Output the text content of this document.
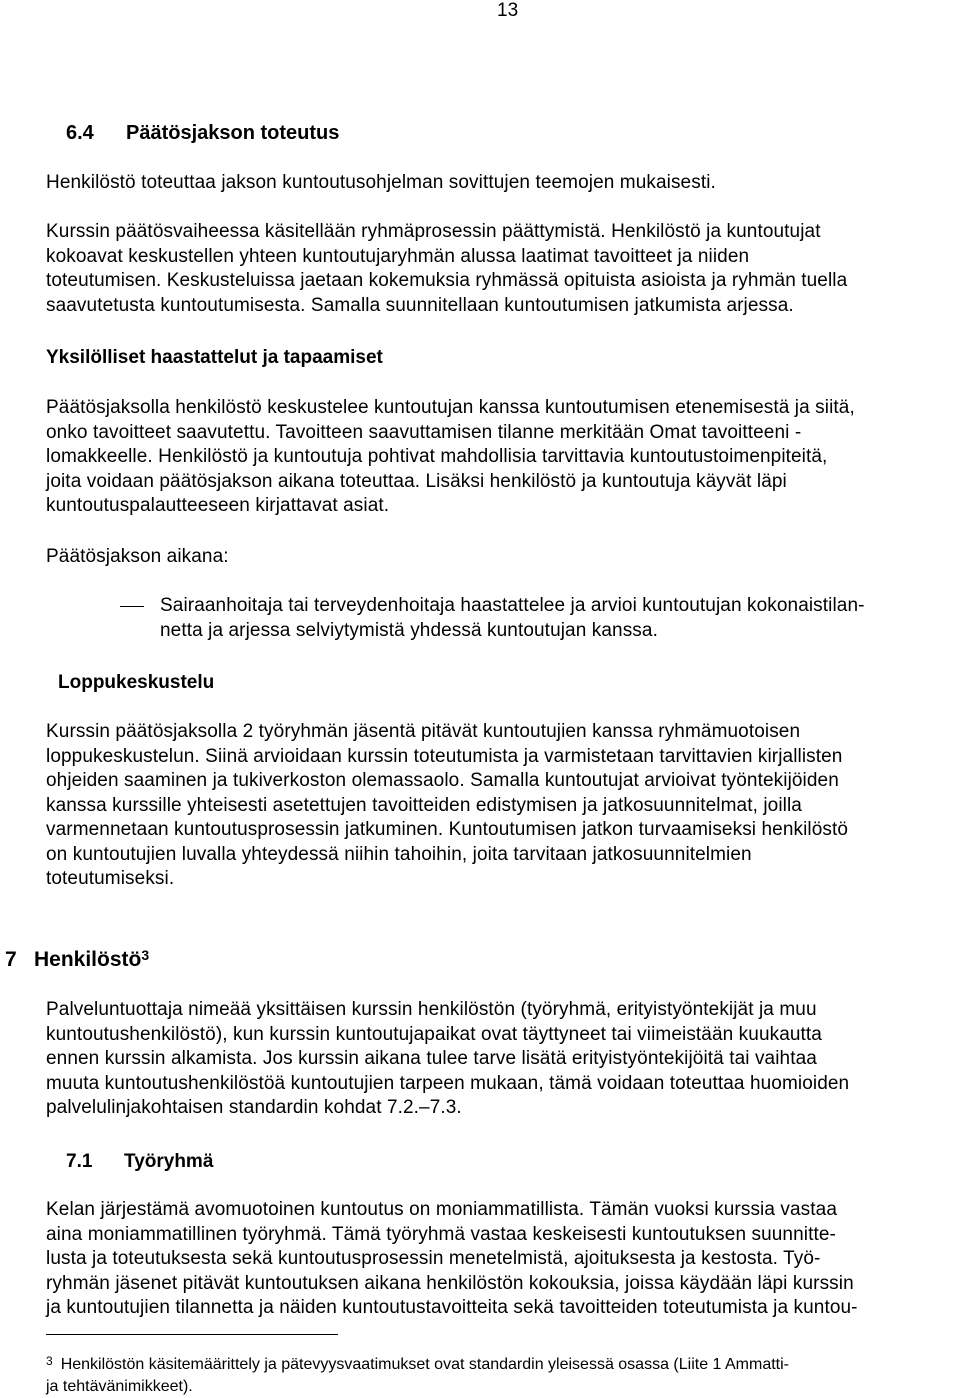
13
6.4 Päätösjakson toteutus
Henkilöstö toteuttaa jakson kuntoutusohjelman sovittujen teemojen mukaisesti.
Kurssin päätösvaiheessa käsitellään ryhmäprosessin päättymistä. Henkilöstö ja kuntoutujat
kokoavat keskustellen yhteen kuntoutujaryhmän alussa laatimat tavoitteet ja niiden
toteutumisen. Keskusteluissa jaetaan kokemuksia ryhmässä opituista asioista ja ryhmän tuella
saavutetusta kuntoutumisesta. Samalla suunnitellaan kuntoutumisen jatkumista arjessa.
Yksilölliset haastattelut ja tapaamiset
Päätösjaksolla henkilöstö keskustelee kuntoutujan kanssa kuntoutumisen etenemisestä ja siitä,
onko tavoitteet saavutettu. Tavoitteen saavuttamisen tilanne merkitään Omat tavoitteeni -
lomakkeelle. Henkilöstö ja kuntoutuja pohtivat mahdollisia tarvittavia kuntoutustoimenpiteitä,
joita voidaan päätösjakson aikana toteuttaa. Lisäksi henkilöstö ja kuntoutuja käyvät läpi
kuntoutuspalautteeseen kirjattavat asiat.
Päätösjakson aikana:
Sairaanhoitaja tai terveydenhoitaja haastattelee ja arvioi kuntoutujan kokonaistilan-
netta ja arjessa selviytymistä yhdessä kuntoutujan kanssa.
Loppukeskustelu
Kurssin päätösjaksolla 2 työryhmän jäsentä pitävät kuntoutujien kanssa ryhmämuotoisen
loppukeskustelun. Siinä arvioidaan kurssin toteutumista ja varmistetaan tarvittavien kirjallisten
ohjeiden saaminen ja tukiverkoston olemassaolo. Samalla kuntoutujat arvioivat työntekijöiden
kanssa kurssille yhteisesti asetettujen tavoitteiden edistymisen ja jatkosuunnitelmat, joilla
varmennetaan kuntoutusprosessin jatkuminen. Kuntoutumisen jatkon turvaamiseksi henkilöstö
on kuntoutujien luvalla yhteydessä niihin tahoihin, joita tarvitaan jatkosuunnitelmien
toteutumiseksi.
7 Henkilöstö$^3$
Palveluntuottaja nimeää yksittäisen kurssin henkilöstön (työryhmä, erityistyöntekijät ja muu
kuntoutushenkilöstö), kun kurssin kuntoutujapaikat ovat täyttyneet tai viimeistään kuukautta
ennen kurssin alkamista. Jos kurssin aikana tulee tarve lisätä erityistyöntekijöitä tai vaihtaa
muuta kuntoutushenkilöstöä kuntoutujien tarpeen mukaan, tämä voidaan toteuttaa huomioiden
palvelulinjakohtaisen standardin kohdat 7.2.–7.3.
7.1 Työryhmä
Kelan järjestämä avomuotoinen kuntoutus on moniammatillista. Tämän vuoksi kurssia vastaa
aina moniammatillinen työryhmä. Tämä työryhmä vastaa keskeisesti kuntoutuksen suunnitte-
lusta ja toteutuksesta sekä kuntoutusprosessin menetelmistä, ajoituksesta ja kestosta. Työ-
ryhmän jäsenet pitävät kuntoutuksen aikana henkilöstön kokouksia, joissa käydään läpi kurssin
ja kuntoutujien tilannetta ja näiden kuntoutustavoitteita sekä tavoitteiden toteutumista ja kuntou-
$^3$ Henkilöstön käsitemäärittely ja pätevyysvaatimukset ovat standardin yleisessä osassa (Liite 1 Ammatti-
ja tehtävänimikkeet).
